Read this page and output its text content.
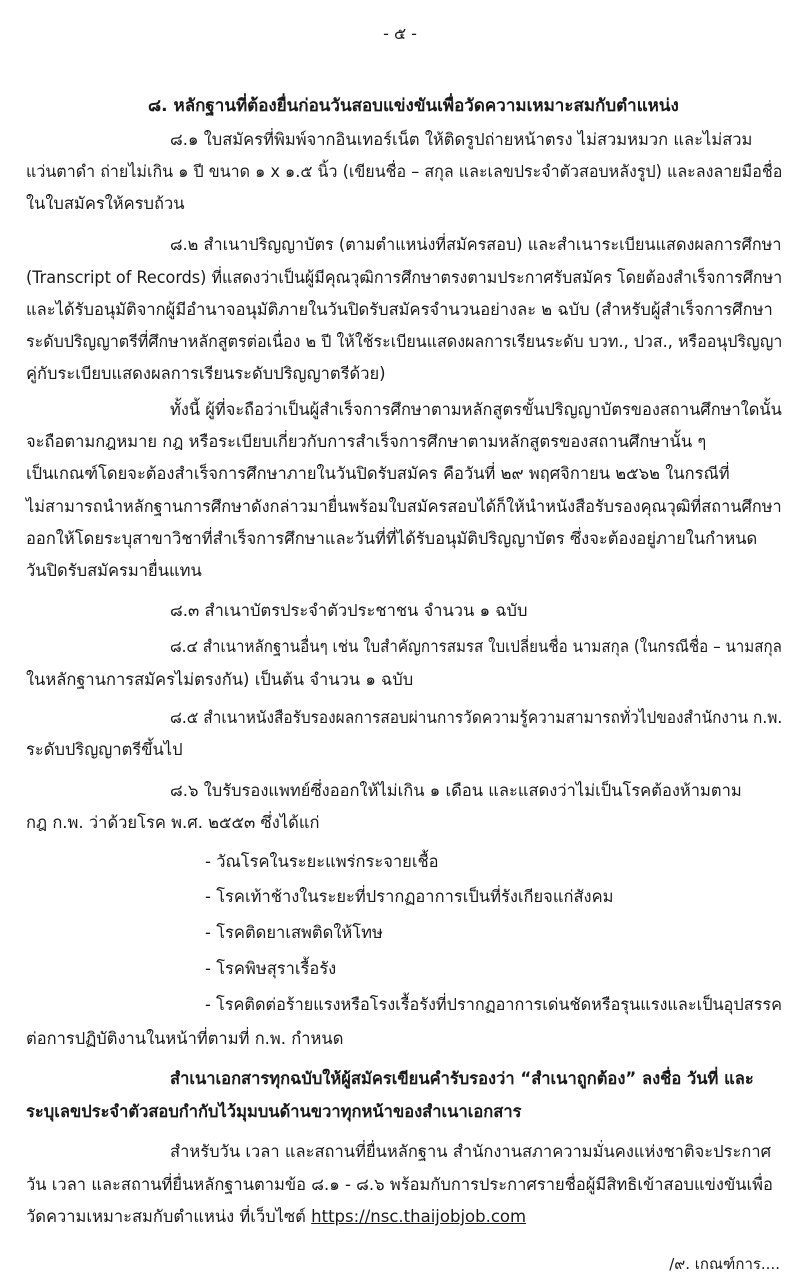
- ๕ -
๘. หลักฐานที่ต้องยื่นก่อนวันสอบแข่งขันเพื่อวัดความเหมาะสมกับตำแหน่ง
๘.๑ ใบสมัครที่พิมพ์จากอินเทอร์เน็ต ให้ติดรูปถ่ายหน้าตรง ไม่สวมหมวก และไม่สวม
แว่นตาดำ ถ่ายไม่เกิน ๑ ปี ขนาด ๑ x ๑.๕ นิ้ว (เขียนชื่อ – สกุล และเลขประจำตัวสอบหลังรูป) และลงลายมือชื่อ
ในใบสมัครให้ครบถ้วน
๘.๒ สำเนาปริญญาบัตร (ตามตำแหน่งที่สมัครสอบ) และสำเนาระเบียนแสดงผลการศึกษา
(Transcript of Records) ที่แสดงว่าเป็นผู้มีคุณวุฒิการศึกษาตรงตามประกาศรับสมัคร โดยต้องสำเร็จการศึกษา
และได้รับอนุมัติจากผู้มีอำนาจอนุมัติภายในวันปิดรับสมัครจำนวนอย่างละ ๒ ฉบับ (สำหรับผู้สำเร็จการศึกษา
ระดับปริญญาตรีที่ศึกษาหลักสูตรต่อเนื่อง ๒ ปี ให้ใช้ระเบียนแสดงผลการเรียนระดับ บวท., ปวส., หรืออนุปริญญา
คู่กับระเบียบแสดงผลการเรียนระดับปริญญาตรีด้วย)
ทั้งนี้ ผู้ที่จะถือว่าเป็นผู้สำเร็จการศึกษาตามหลักสูตรขั้นปริญญาบัตรของสถานศึกษาใดนั้น
จะถือตามกฎหมาย กฎ หรือระเบียบเกี่ยวกับการสำเร็จการศึกษาตามหลักสูตรของสถานศึกษานั้น ๆ
เป็นเกณฑ์โดยจะต้องสำเร็จการศึกษาภายในวันปิดรับสมัคร คือวันที่ ๒๙ พฤศจิกายน ๒๕๖๒ ในกรณีที่
ไม่สามารถนำหลักฐานการศึกษาดังกล่าวมายื่นพร้อมใบสมัครสอบได้ก็ให้นำหนังสือรับรองคุณวุฒิที่สถานศึกษา
ออกให้โดยระบุสาขาวิชาที่สำเร็จการศึกษาและวันที่ที่ได้รับอนุมัติปริญญาบัตร ซึ่งจะต้องอยู่ภายในกำหนด
วันปิดรับสมัครมายื่นแทน
๘.๓ สำเนาบัตรประจำตัวประชาชน จำนวน ๑ ฉบับ
๘.๔ สำเนาหลักฐานอื่นๆ เช่น ใบสำคัญการสมรส ใบเปลี่ยนชื่อ นามสกุล (ในกรณีชื่อ – นามสกุล
ในหลักฐานการสมัครไม่ตรงกัน) เป็นต้น จำนวน ๑ ฉบับ
๘.๕ สำเนาหนังสือรับรองผลการสอบผ่านการวัดความรู้ความสามารถทั่วไปของสำนักงาน ก.พ.
ระดับปริญญาตรีขึ้นไป
๘.๖ ใบรับรองแพทย์ซึ่งออกให้ไม่เกิน ๑ เดือน และแสดงว่าไม่เป็นโรคต้องห้ามตาม
กฎ ก.พ. ว่าด้วยโรค พ.ศ. ๒๕๕๓ ซึ่งได้แก่
- วัณโรคในระยะแพร่กระจายเชื้อ
- โรคเท้าช้างในระยะที่ปรากฏอาการเป็นที่รังเกียจแก่สังคม
- โรคติดยาเสพติดให้โทษ
- โรคพิษสุราเรื้อรัง
- โรคติดต่อร้ายแรงหรือโรงเรื้อรังที่ปรากฏอาการเด่นชัดหรือรุนแรงและเป็นอุปสรรค
ต่อการปฏิบัติงานในหน้าที่ตามที่ ก.พ. กำหนด
สำเนาเอกสารทุกฉบับให้ผู้สมัครเขียนคำรับรองว่า “สำเนาถูกต้อง” ลงชื่อ วันที่ และ
ระบุเลขประจำตัวสอบกำกับไว้มุมบนด้านขวาทุกหน้าของสำเนาเอกสาร
สำหรับวัน เวลา และสถานที่ยื่นหลักฐาน สำนักงานสภาความมั่นคงแห่งชาติจะประกาศ
วัน เวลา และสถานที่ยื่นหลักฐานตามข้อ ๘.๑ - ๘.๖ พร้อมกับการประกาศรายชื่อผู้มีสิทธิเข้าสอบแข่งขันเพื่อ
วัดความเหมาะสมกับตำแหน่ง ที่เว็บไซต์ https://nsc.thaijobjob.com
/๙. เกณฑ์การ....
